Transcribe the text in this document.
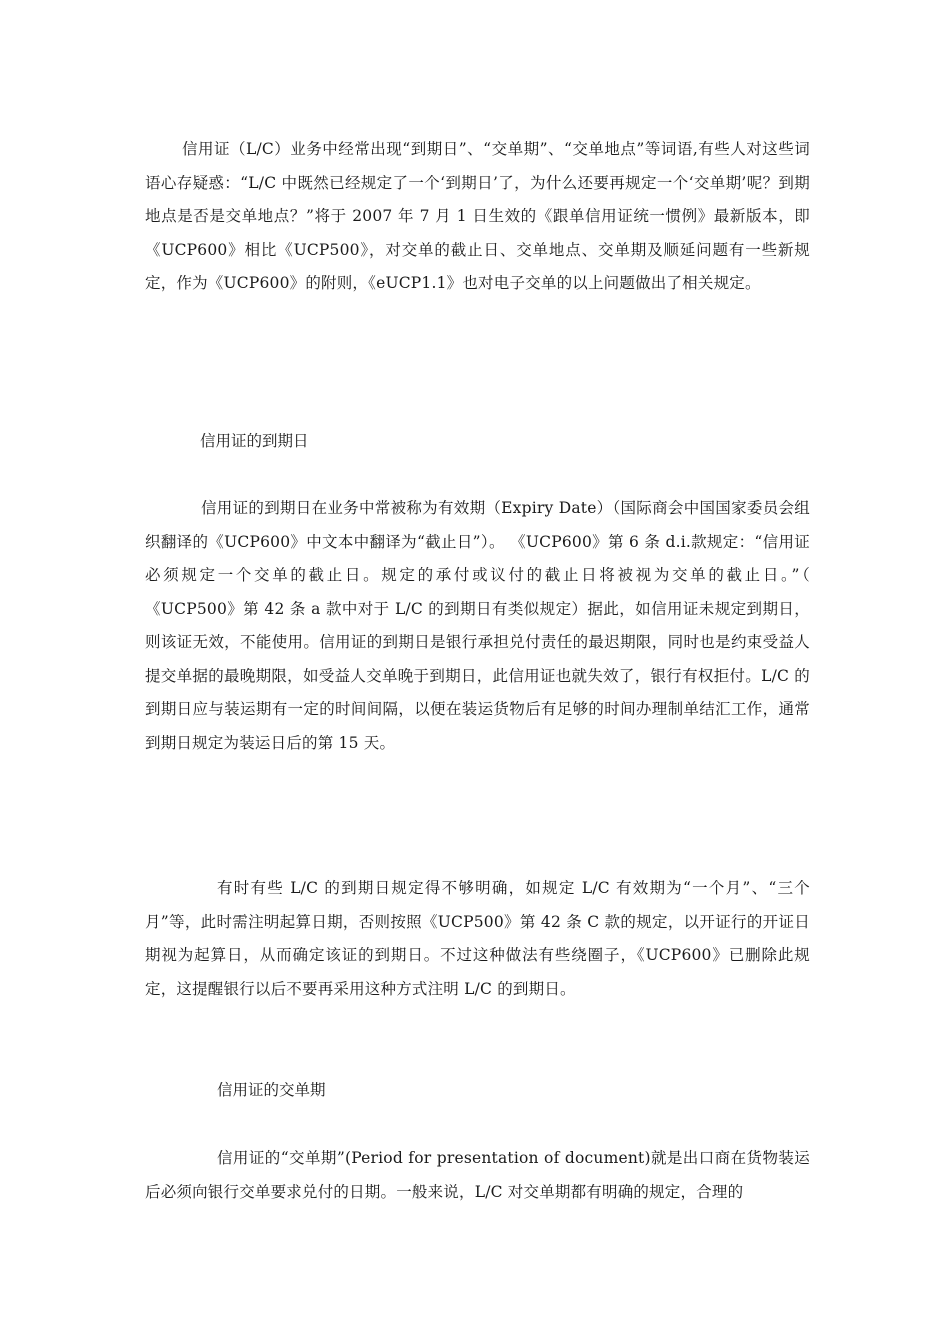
信用证（L/C）业务中经常出现“到期日”、“交单期”、“交单地点”等词语,有些人对这些词语心存疑惑：“L/C 中既然已经规定了一个‘到期日’了，为什么还要再规定一个‘交单期’呢？到期地点是否是交单地点？”将于 2007 年 7 月 1 日生效的《跟单信用证统一惯例》最新版本，即《UCP600》相比《UCP500》，对交单的截止日、交单地点、交单期及顺延问题有一些新规定，作为《UCP600》的附则，《eUCP1.1》也对电子交单的以上问题做出了相关规定。

信用证的到期日

信用证的到期日在业务中常被称为有效期（Expiry Date）（国际商会中国国家委员会组织翻译的《UCP600》中文本中翻译为“截止日”）。 《UCP600》第 6 条 d.i.款规定：“信用证必须规定一个交单的截止日。规定的承付或议付的截止日将被视为交单的截止日。”（ 《UCP500》第 42 条 a 款中对于 L/C 的到期日有类似规定）据此，如信用证未规定到期日，则该证无效，不能使用。信用证的到期日是银行承担兑付责任的最迟期限，同时也是约束受益人提交单据的最晚期限，如受益人交单晚于到期日，此信用证也就失效了，银行有权拒付。L/C 的到期日应与装运期有一定的时间间隔，以便在装运货物后有足够的时间办理制单结汇工作，通常到期日规定为装运日后的第 15 天。

有时有些 L/C 的到期日规定得不够明确，如规定 L/C 有效期为“一个月”、“三个月”等，此时需注明起算日期，否则按照《UCP500》第 42 条 C 款的规定，以开证行的开证日期视为起算日，从而确定该证的到期日。不过这种做法有些绕圈子，《UCP600》已删除此规定，这提醒银行以后不要再采用这种方式注明 L/C 的到期日。

信用证的交单期

信用证的“交单期”(Period for presentation of document)就是出口商在货物装运后必须向银行交单要求兑付的日期。一般来说，L/C 对交单期都有明确的规定，合理的
